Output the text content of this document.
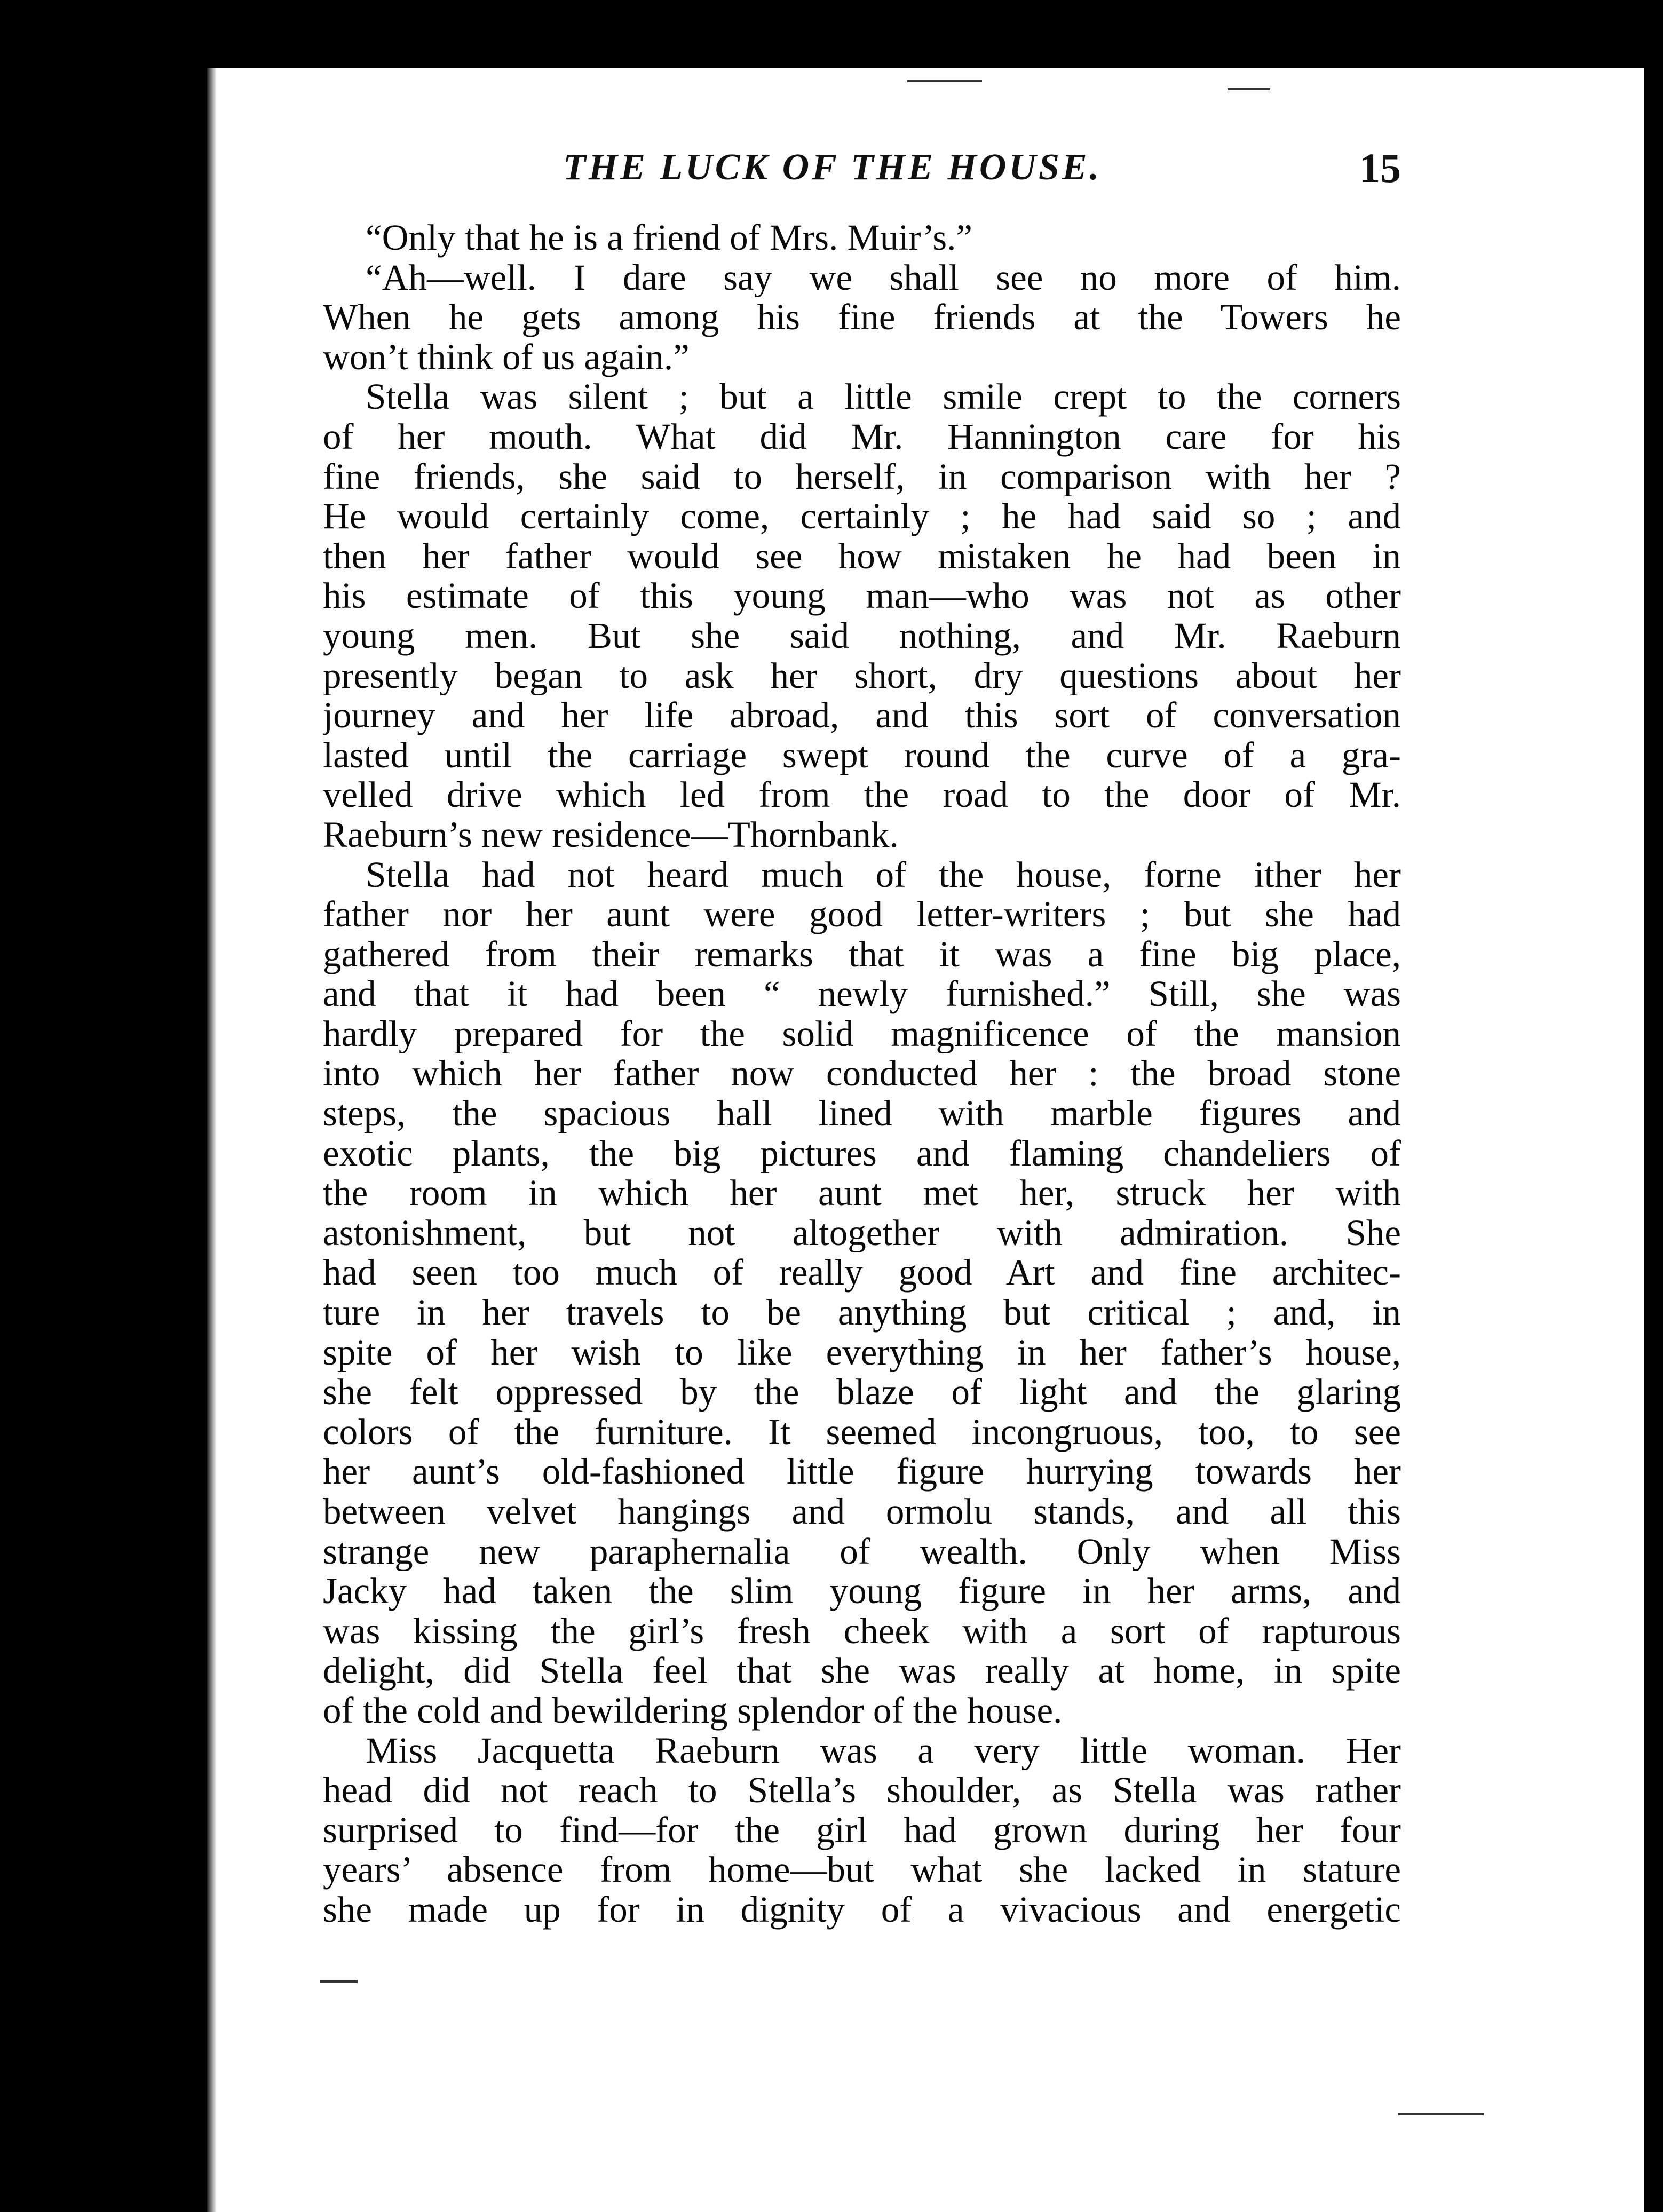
THE LUCK OF THE HOUSE.	15
“Only that he is a friend of Mrs. Muir’s.”
“Ah—well. I dare say we shall see no more of him.
When he gets among his fine friends at the Towers he
won’t think of us again.”
Stella was silent ; but a little smile crept to the corners
of her mouth. What did Mr. Hannington care for his
fine friends, she said to herself, in comparison with her ?
He would certainly come, certainly ; he had said so ; and
then her father would see how mistaken he had been in
his estimate of this young man—who was not as other
young men. But she said nothing, and Mr. Raeburn
presently began to ask her short, dry questions about her
journey and her life abroad, and this sort of conversation
lasted until the carriage swept round the curve of a gra-
velled drive which led from the road to the door of Mr.
Raeburn’s new residence—Thornbank.
Stella had not heard much of the house, forne ither her
father nor her aunt were good letter-writers ; but she had
gathered from their remarks that it was a fine big place,
and that it had been “ newly furnished.” Still, she was
hardly prepared for the solid magnificence of the mansion
into which her father now conducted her : the broad stone
steps, the spacious hall lined with marble figures and
exotic plants, the big pictures and flaming chandeliers of
the room in which her aunt met her, struck her with
astonishment, but not altogether with admiration. She
had seen too much of really good Art and fine architec-
ture in her travels to be anything but critical ; and, in
spite of her wish to like everything in her father’s house,
she felt oppressed by the blaze of light and the glaring
colors of the furniture. It seemed incongruous, too, to see
her aunt’s old-fashioned little figure hurrying towards her
between velvet hangings and ormolu stands, and all this
strange new paraphernalia of wealth. Only when Miss
Jacky had taken the slim young figure in her arms, and
was kissing the girl’s fresh cheek with a sort of rapturous
delight, did Stella feel that she was really at home, in spite
of the cold and bewildering splendor of the house.
Miss Jacquetta Raeburn was a very little woman. Her
head did not reach to Stella’s shoulder, as Stella was rather
surprised to find—for the girl had grown during her four
years’ absence from home—but what she lacked in stature
she made up for in dignity of a vivacious and energetic
